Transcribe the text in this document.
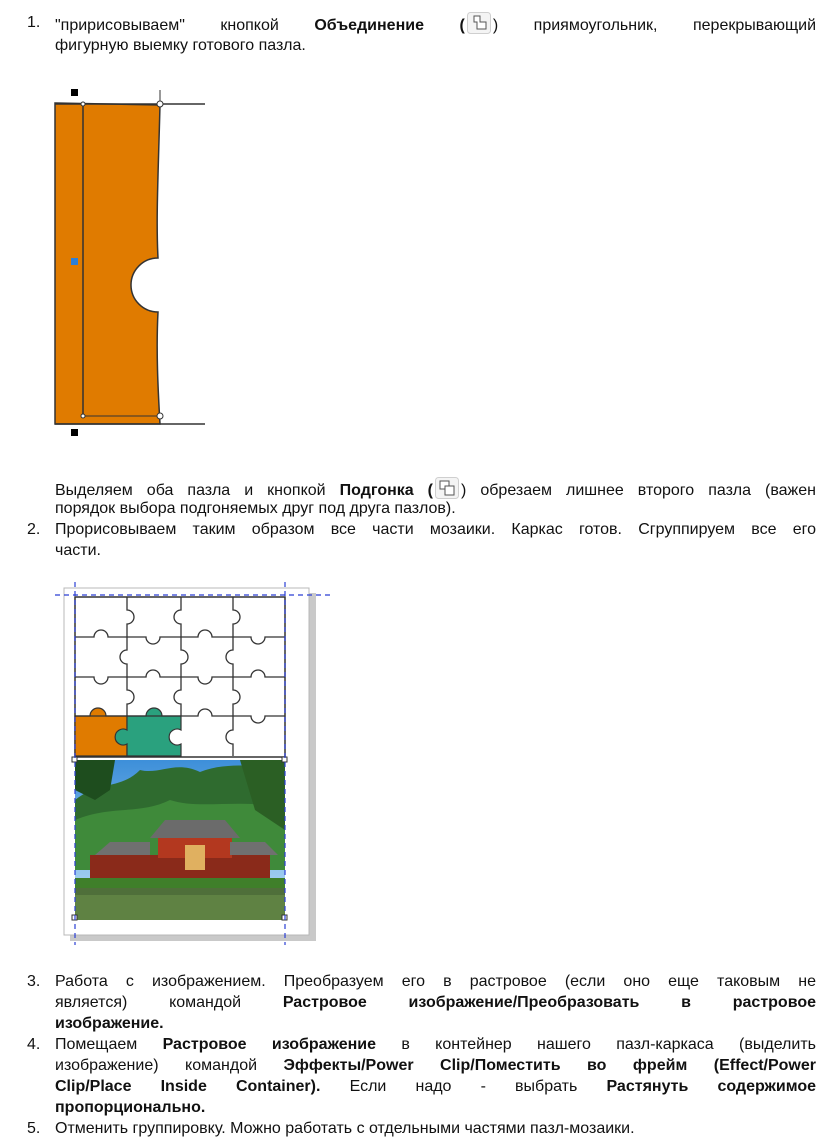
1. "пририсовываем" кнопкой Объединение ( ) приямоугольник, перекрывающий
фигурную выемку готового пазла.
Выделяем оба пазла и кнопкой Подгонка ( ) обрезаем лишнее второго пазла (важен
порядок выбора подгоняемых друг под друга пазлов).
2. Прорисовываем таким образом все части мозаики. Каркас готов. Сгруппируем все его
части.
3. Работа с изображением. Преобразуем его в растровое (если оно еще таковым не
является) командой	Растровое изображение/Преобразовать в растровое
изображение.
4. Помещаем Растровое изображение в контейнер нашего пазл-каркаса (выделить
изображение) командой Эффекты/Power Clip/Поместить во фрейм (Effect/Power
Clip/Place Inside Container). Если надо - выбрать Растянуть содержимое
пропорционально.
5. Отменить группировку. Можно работать с отдельными частями пазл-мозаики.
